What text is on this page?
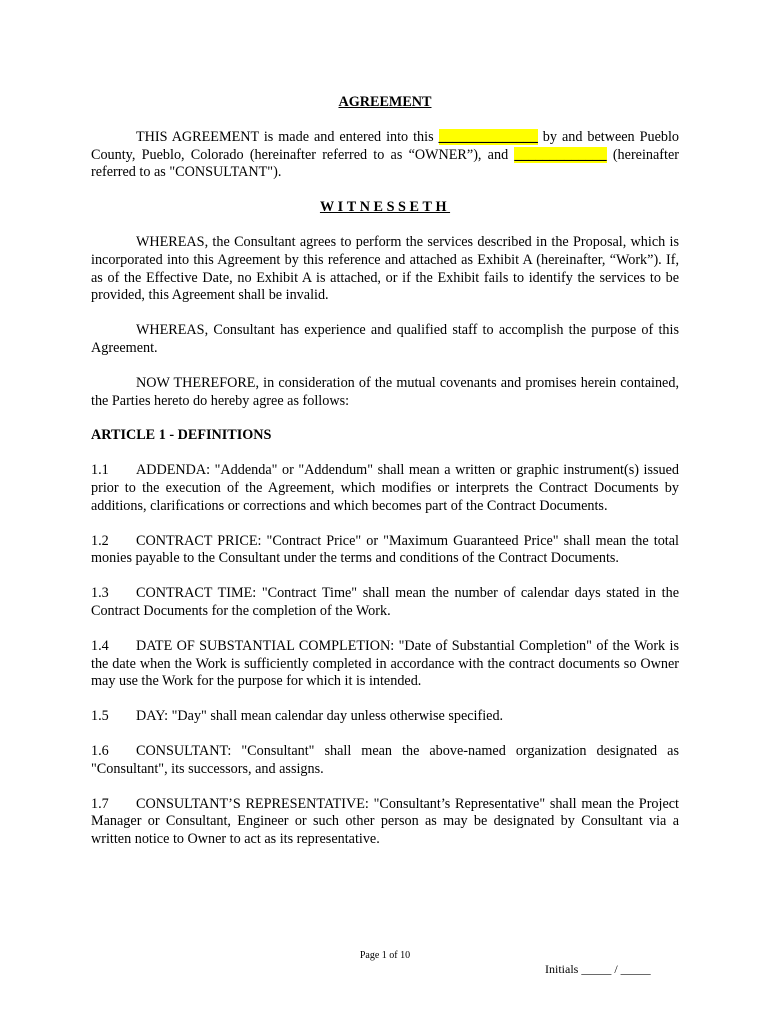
AGREEMENT
THIS AGREEMENT is made and entered into this ______________ by and between Pueblo County, Pueblo, Colorado (hereinafter referred to as “OWNER”), and _____________ (hereinafter referred to as "CONSULTANT").
WITNESSETH
WHEREAS, the Consultant agrees to perform the services described in the Proposal, which is incorporated into this Agreement by this reference and attached as Exhibit A (hereinafter, “Work”). If, as of the Effective Date, no Exhibit A is attached, or if the Exhibit fails to identify the services to be provided, this Agreement shall be invalid.
WHEREAS, Consultant has experience and qualified staff to accomplish the purpose of this Agreement.
NOW THEREFORE, in consideration of the mutual covenants and promises herein contained, the Parties hereto do hereby agree as follows:
ARTICLE 1 - DEFINITIONS
1.1 ADDENDA: "Addenda" or "Addendum" shall mean a written or graphic instrument(s) issued prior to the execution of the Agreement, which modifies or interprets the Contract Documents by additions, clarifications or corrections and which becomes part of the Contract Documents.
1.2 CONTRACT PRICE: "Contract Price" or "Maximum Guaranteed Price" shall mean the total monies payable to the Consultant under the terms and conditions of the Contract Documents.
1.3 CONTRACT TIME: "Contract Time" shall mean the number of calendar days stated in the Contract Documents for the completion of the Work.
1.4 DATE OF SUBSTANTIAL COMPLETION: "Date of Substantial Completion" of the Work is the date when the Work is sufficiently completed in accordance with the contract documents so Owner may use the Work for the purpose for which it is intended.
1.5 DAY: "Day" shall mean calendar day unless otherwise specified.
1.6 CONSULTANT: "Consultant" shall mean the above-named organization designated as "Consultant", its successors, and assigns.
1.7 CONSULTANT’S REPRESENTATIVE: "Consultant’s Representative" shall mean the Project Manager or Consultant, Engineer or such other person as may be designated by Consultant via a written notice to Owner to act as its representative.
Page 1 of 10
Initials _____ / _____
